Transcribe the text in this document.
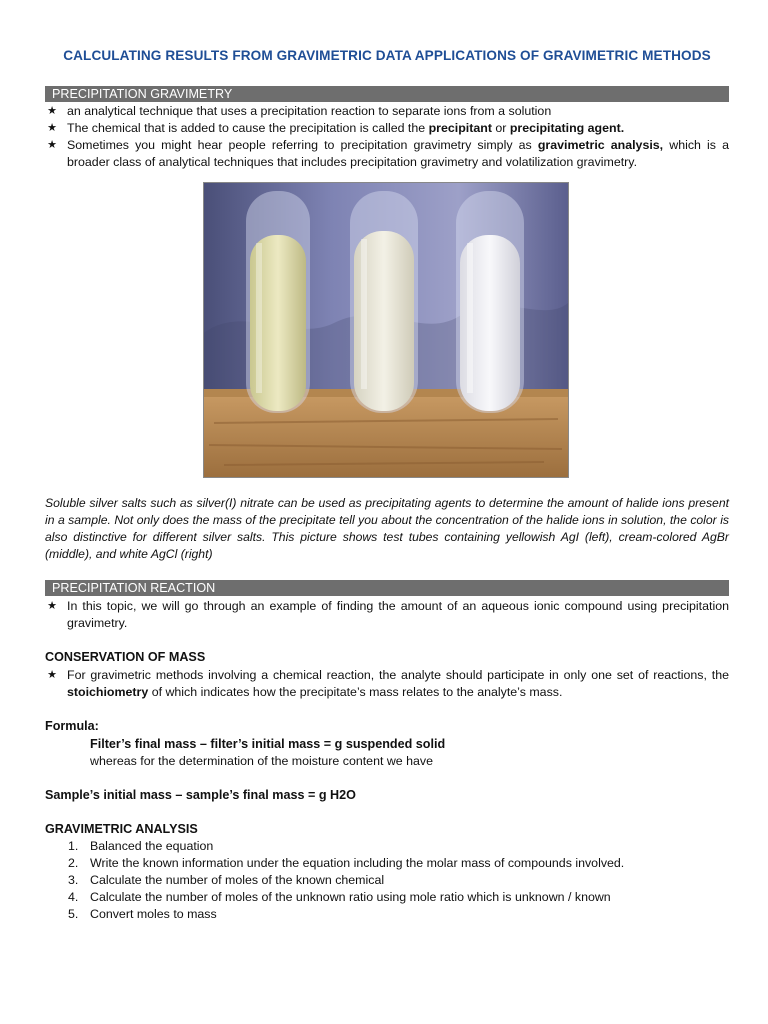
CALCULATING RESULTS FROM GRAVIMETRIC DATA APPLICATIONS OF GRAVIMETRIC METHODS
PRECIPITATION GRAVIMETRY
★ an analytical technique that uses a precipitation reaction to separate ions from a solution
★ The chemical that is added to cause the precipitation is called the precipitant or precipitating agent.
★ Sometimes you might hear people referring to precipitation gravimetry simply as gravimetric analysis, which is a broader class of analytical techniques that includes precipitation gravimetry and volatilization gravimetry.
Soluble silver salts such as silver(I) nitrate can be used as precipitating agents to determine the amount of halide ions present in a sample. Not only does the mass of the precipitate tell you about the concentration of the halide ions in solution, the color is also distinctive for different silver salts. This picture shows test tubes containing yellowish AgI (left), cream-colored AgBr (middle), and white AgCl (right)
PRECIPITATION REACTION
★ In this topic, we will go through an example of finding the amount of an aqueous ionic compound using precipitation gravimetry.
CONSERVATION OF MASS
★ For gravimetric methods involving a chemical reaction, the analyte should participate in only one set of reactions, the stoichiometry of which indicates how the precipitate’s mass relates to the analyte’s mass.
Formula:
Filter’s final mass – filter’s initial mass = g suspended solid
whereas for the determination of the moisture content we have
Sample’s initial mass – sample’s final mass = g H2O
GRAVIMETRIC ANALYSIS
1. Balanced the equation
2. Write the known information under the equation including the molar mass of compounds involved.
3. Calculate the number of moles of the known chemical
4. Calculate the number of moles of the unknown ratio using mole ratio which is unknown / known
5. Convert moles to mass
